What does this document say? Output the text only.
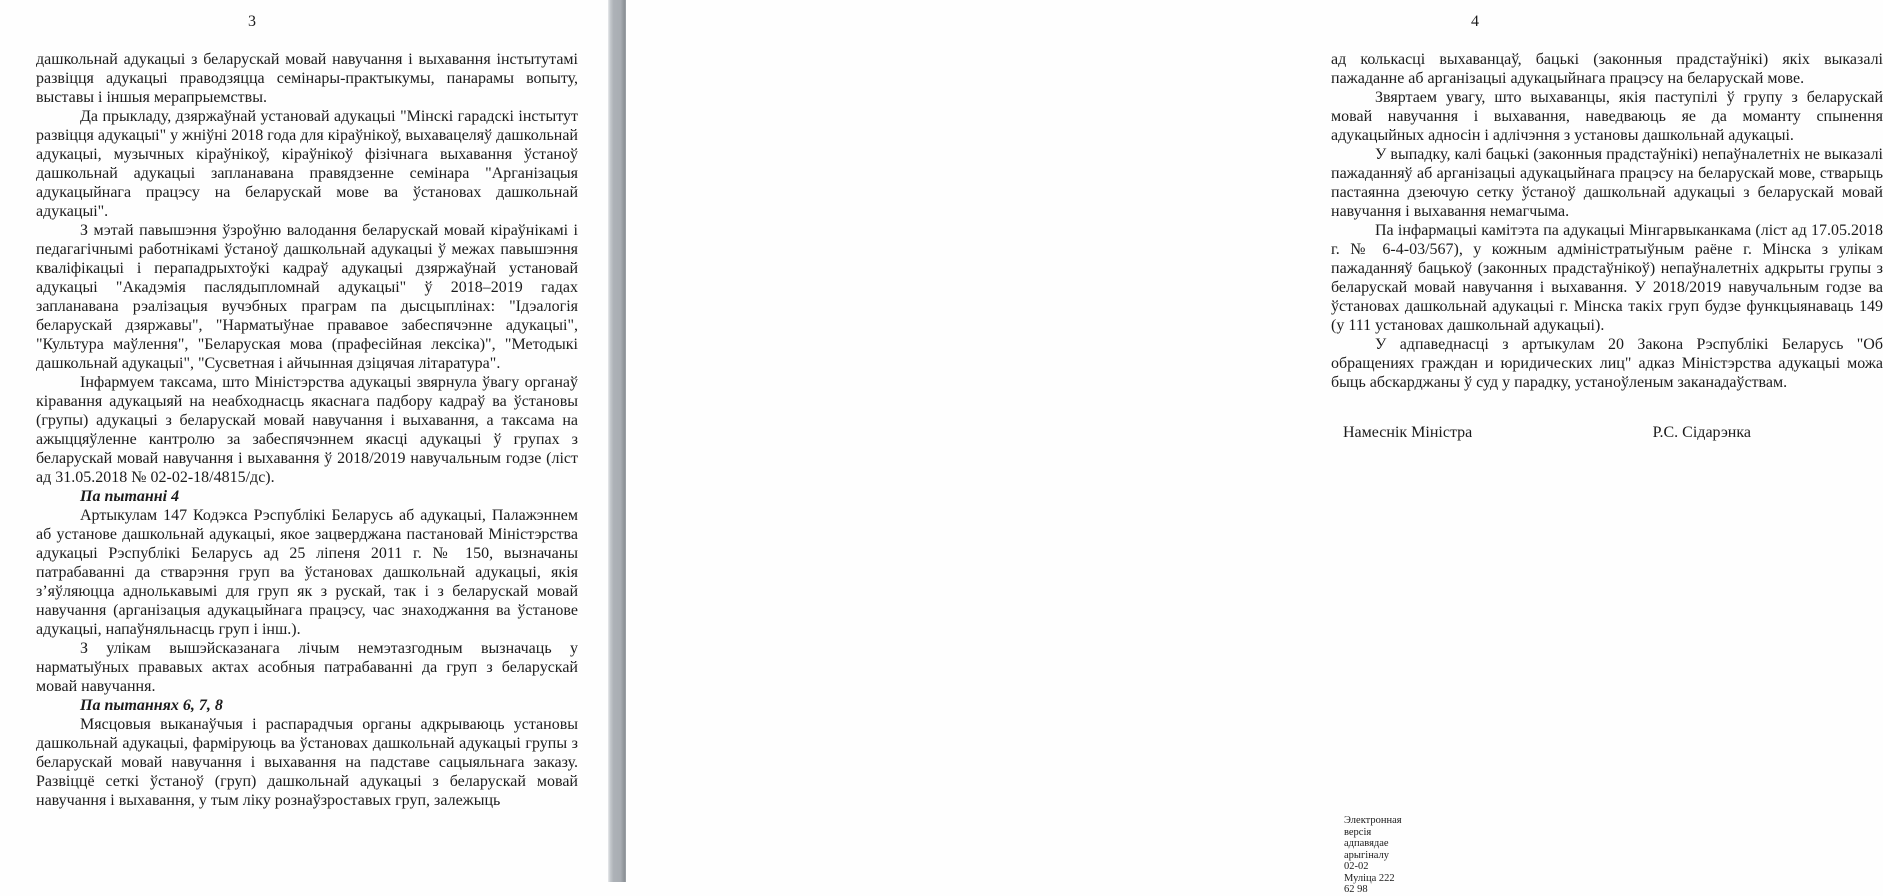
3

дашкольнай адукацыі з беларускай мовай навучання і выхавання інстытутамі развіцця адукацыі праводзяцца семінары-практыкумы, панарамы вопыту, выставы і іншыя мерапрыемствы.

Да прыкладу, дзяржаўнай установай адукацыі "Мінскі гарадскі інстытут развіцця адукацыі" у жніўні 2018 года для кіраўнікоў, выхавацеляў дашкольнай адукацыі, музычных кіраўнікоў, кіраўнікоў фізічнага выхавання ўстаноў дашкольнай адукацыі запланавана правядзенне семінара "Арганізацыя адукацыйнага працэсу на беларускай мове ва ўстановах дашкольнай адукацыі".

З мэтай павышэння ўзроўню валодання беларускай мовай кіраўнікамі і педагагічнымі работнікамі ўстаноў дашкольнай адукацыі ў межах павышэння кваліфікацыі і перападрыхтоўкі кадраў адукацыі дзяржаўнай установай адукацыі "Акадэмія паслядыпломнай адукацыі" ў 2018–2019 гадах запланавана рэалізацыя вучэбных праграм па дысцыплінах: "Ідэалогія беларускай дзяржавы", "Нарматыўнае прававое забеспячэнне адукацыі", "Культура маўлення", "Беларуская мова (прафесійная лексіка)", "Методыкі дашкольнай адукацыі", "Сусветная і айчынная дзіцячая літаратура".

Інфармуем таксама, што Міністэрства адукацыі звярнула ўвагу органаў кіравання адукацыяй на неабходнасць якаснага падбору кадраў ва ўстановы (групы) адукацыі з беларускай мовай навучання і выхавання, а таксама на ажыццяўленне кантролю за забеспячэннем якасці адукацыі ў групах з беларускай мовай навучання і выхавання ў 2018/2019 навучальным годзе (ліст ад 31.05.2018 № 02-02-18/4815/дс).

Па пытанні 4

Артыкулам 147 Кодэкса Рэспублікі Беларусь аб адукацыі, Палажэннем аб установе дашкольнай адукацыі, якое зацверджана пастановай Міністэрства адукацыі Рэспублікі Беларусь ад 25 ліпеня 2011 г. № 150, вызначаны патрабаванні да стварэння груп ва ўстановах дашкольнай адукацыі, якія з’яўляюцца аднолькавымі для груп як з рускай, так і з беларускай мовай навучання (арганізацыя адукацыйнага працэсу, час знаходжання ва ўстанове адукацыі, напаўняльнасць груп і інш.).

З улікам вышэйсказанага лічым немэтазгодным вызначаць у нарматыўных прававых актах асобныя патрабаванні да груп з беларускай мовай навучання.

Па пытаннях 6, 7, 8

Мясцовыя выканаўчыя і распарадчыя органы адкрываюць установы дашкольнай адукацыі, фарміруюць ва ўстановах дашкольнай адукацыі групы з беларускай мовай навучання і выхавання на падставе сацыяльнага заказу. Развіццё сеткі ўстаноў (груп) дашкольнай адукацыі з беларускай мовай навучання і выхавання, у тым ліку рознаўзроставых груп, залежыць

4

ад колькасці выхаванцаў, бацькі (законныя прадстаўнікі) якіх выказалі пажаданне аб арганізацыі адукацыйнага працэсу на беларускай мове.

Звяртаем увагу, што выхаванцы, якія паступілі ў групу з беларускай мовай навучання і выхавання, наведваюць яе да моманту спынення адукацыйных адносін і адлічэння з установы дашкольнай адукацыі.

У выпадку, калі бацькі (законныя прадстаўнікі) непаўналетніх не выказалі пажаданняў аб арганізацыі адукацыйнага працэсу на беларускай мове, стварыць пастаянна дзеючую сетку ўстаноў дашкольнай адукацыі з беларускай мовай навучання і выхавання немагчыма.

Па інфармацыі камітэта па адукацыі Мінгарвыканкама (ліст ад 17.05.2018 г. № 6-4-03/567), у кожным адміністратыўным раёне г. Мінска з улікам пажаданняў бацькоў (законных прадстаўнікоў) непаўналетніх адкрыты групы з беларускай мовай навучання і выхавання. У 2018/2019 навучальным годзе ва ўстановах дашкольнай адукацыі г. Мінска такіх груп будзе функцыянаваць 149 (у 111 установах дашкольнай адукацыі).

У адпаведнасці з артыкулам 20 Закона Рэспублікі Беларусь "Об обращениях граждан и юридических лиц" адказ Міністэрства адукацыі можа быць абскарджаны ў суд у парадку, устаноўленым заканадаўствам.

Намеснік Міністра	Р.С. Сідарэнка
Электронная версія адпавядае арыгіналу
02-02 Муліца 222 62 98
